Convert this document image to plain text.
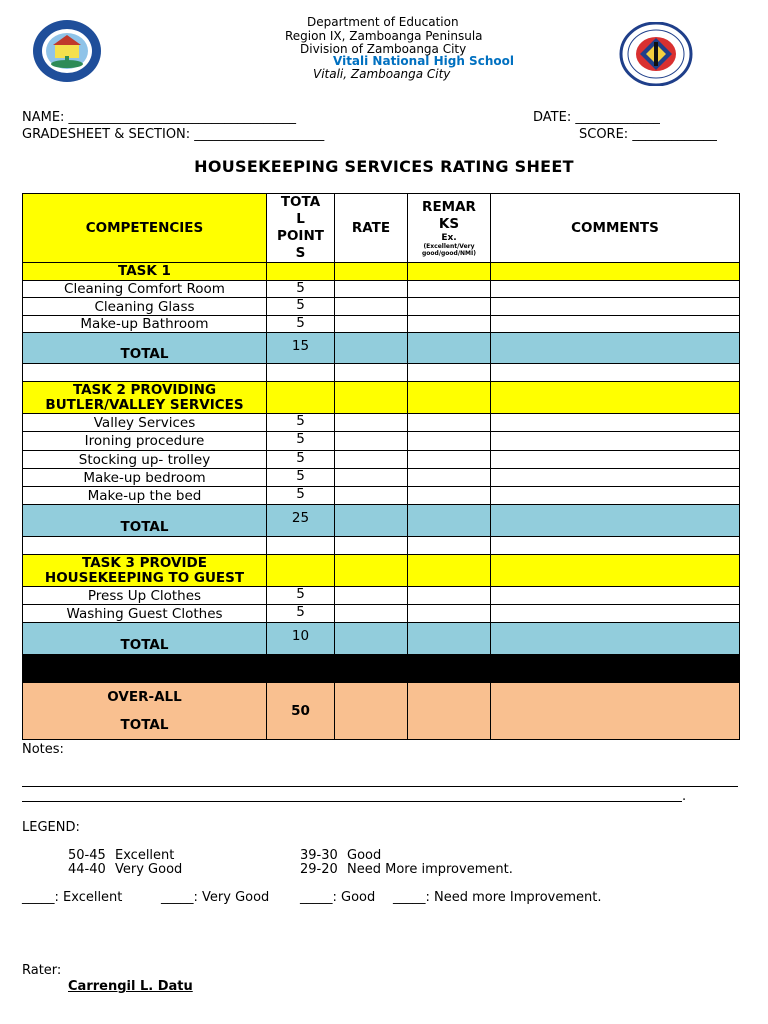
Department of Education
Region IX, Zamboanga Peninsula
Division of Zamboanga City
Vitali National High School
Vitali, Zamboanga City
NAME: ___________________________________	DATE: _____________
GRADESHEET & SECTION: ____________________	SCORE: _____________
HOUSEKEEPING SERVICES RATING SHEET
COMPETENCIES	TOTA
L
POINT
S	RATE	REMAR
KS
Ex.
(Excellent/Very good/good/NMI)	COMMENTS
TASK 1				
Cleaning Comfort Room	5			
Cleaning Glass	5			
Make-up Bathroom	5			
TOTAL	15			

TASK 2 PROVIDING
BUTLER/VALLEY SERVICES				

Valley Services	5			
Ironing procedure	5			
Stocking up- trolley	5			
Make-up bedroom	5			
Make-up the bed	5			
TOTAL	25			

TASK 3 PROVIDE
HOUSEKEEPING TO GUEST				

Press Up Clothes	5			
Washing Guest Clothes	5			
TOTAL	10			

OVER-ALL
TOTAL	50			
Notes:
.
LEGEND:
50-45 Excellent
44-40 Very Good
39-30 Good
29-20 Need More improvement.
_____: Excellent	_____: Very Good _____: Good _____: Need more Improvement.
Rater:
Carrengil L. Datu
